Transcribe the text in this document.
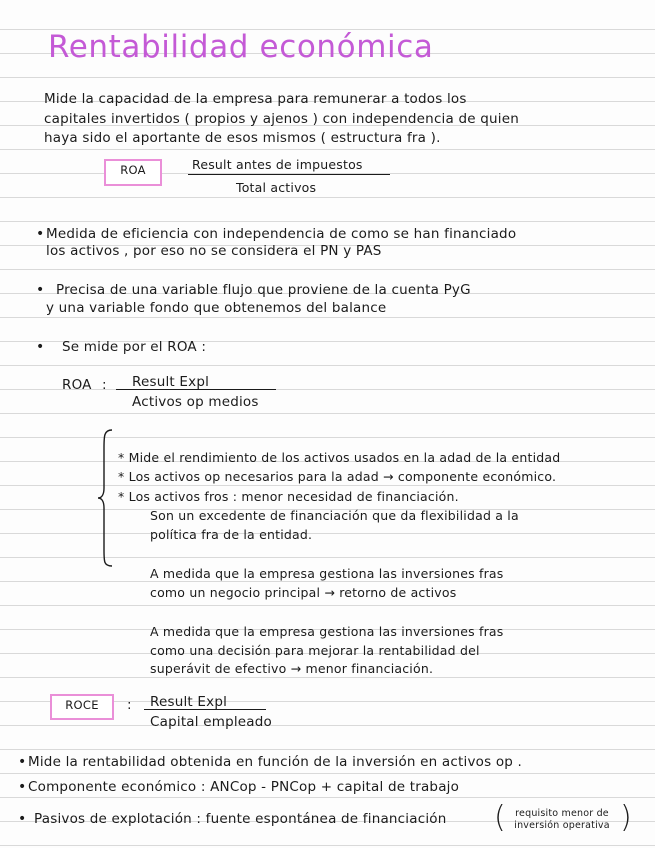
Rentabilidad económica
Mide la capacidad de la empresa para remunerar a todos los
capitales invertidos ( propios y ajenos ) con independencia de quien
haya sido el aportante de esos mismos ( estructura fra ).
ROA	Result antes de impuestos
Total activos
• Medida de eficiencia con independencia de como se han financiado
los activos , por eso no se considera el PN y PAS
• Precisa de una variable flujo que proviene de la cuenta PyG
y una variable fondo que obtenemos del balance
• Se mide por el ROA :
ROA : Result Expl
Activos op medios
* Mide el rendimiento de los activos usados en la adad de la entidad
* Los activos op necesarios para la adad → componente económico.
* Los activos fros : menor necesidad de financiación.
Son un excedente de financiación que da flexibilidad a la
política fra de la entidad.
A medida que la empresa gestiona las inversiones fras
como un negocio principal → retorno de activos
A medida que la empresa gestiona las inversiones fras
como una decisión para mejorar la rentabilidad del
superávit de efectivo → menor financiación.
ROCE	: Result Expl
Capital empleado
• Mide la rentabilidad obtenida en función de la inversión en activos op .
• Componente económico : ANCop - PNCop + capital de trabajo
• Pasivos de explotación : fuente espontánea de financiación ( requisito menor de
inversión operativa )
